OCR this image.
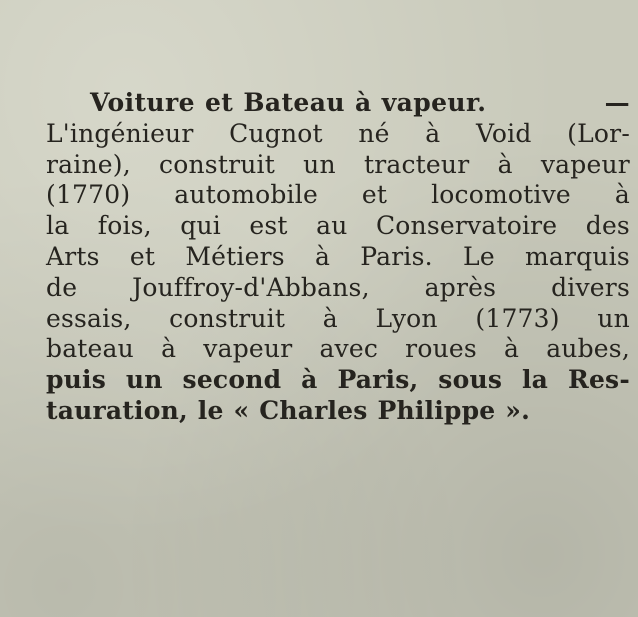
Voiture et Bateau à vapeur.	—
L'ingénieur Cugnot né à Void (Lor-
raine), construit un tracteur à vapeur
(1770) automobile et locomotive à
la fois, qui est au Conservatoire des
Arts et Métiers à Paris. Le marquis
de Jouffroy-d'Abbans, après divers
essais, construit à Lyon (1773) un
bateau à vapeur avec roues à aubes,
puis un second à Paris, sous la Res-
tauration, le « Charles Philippe ».
